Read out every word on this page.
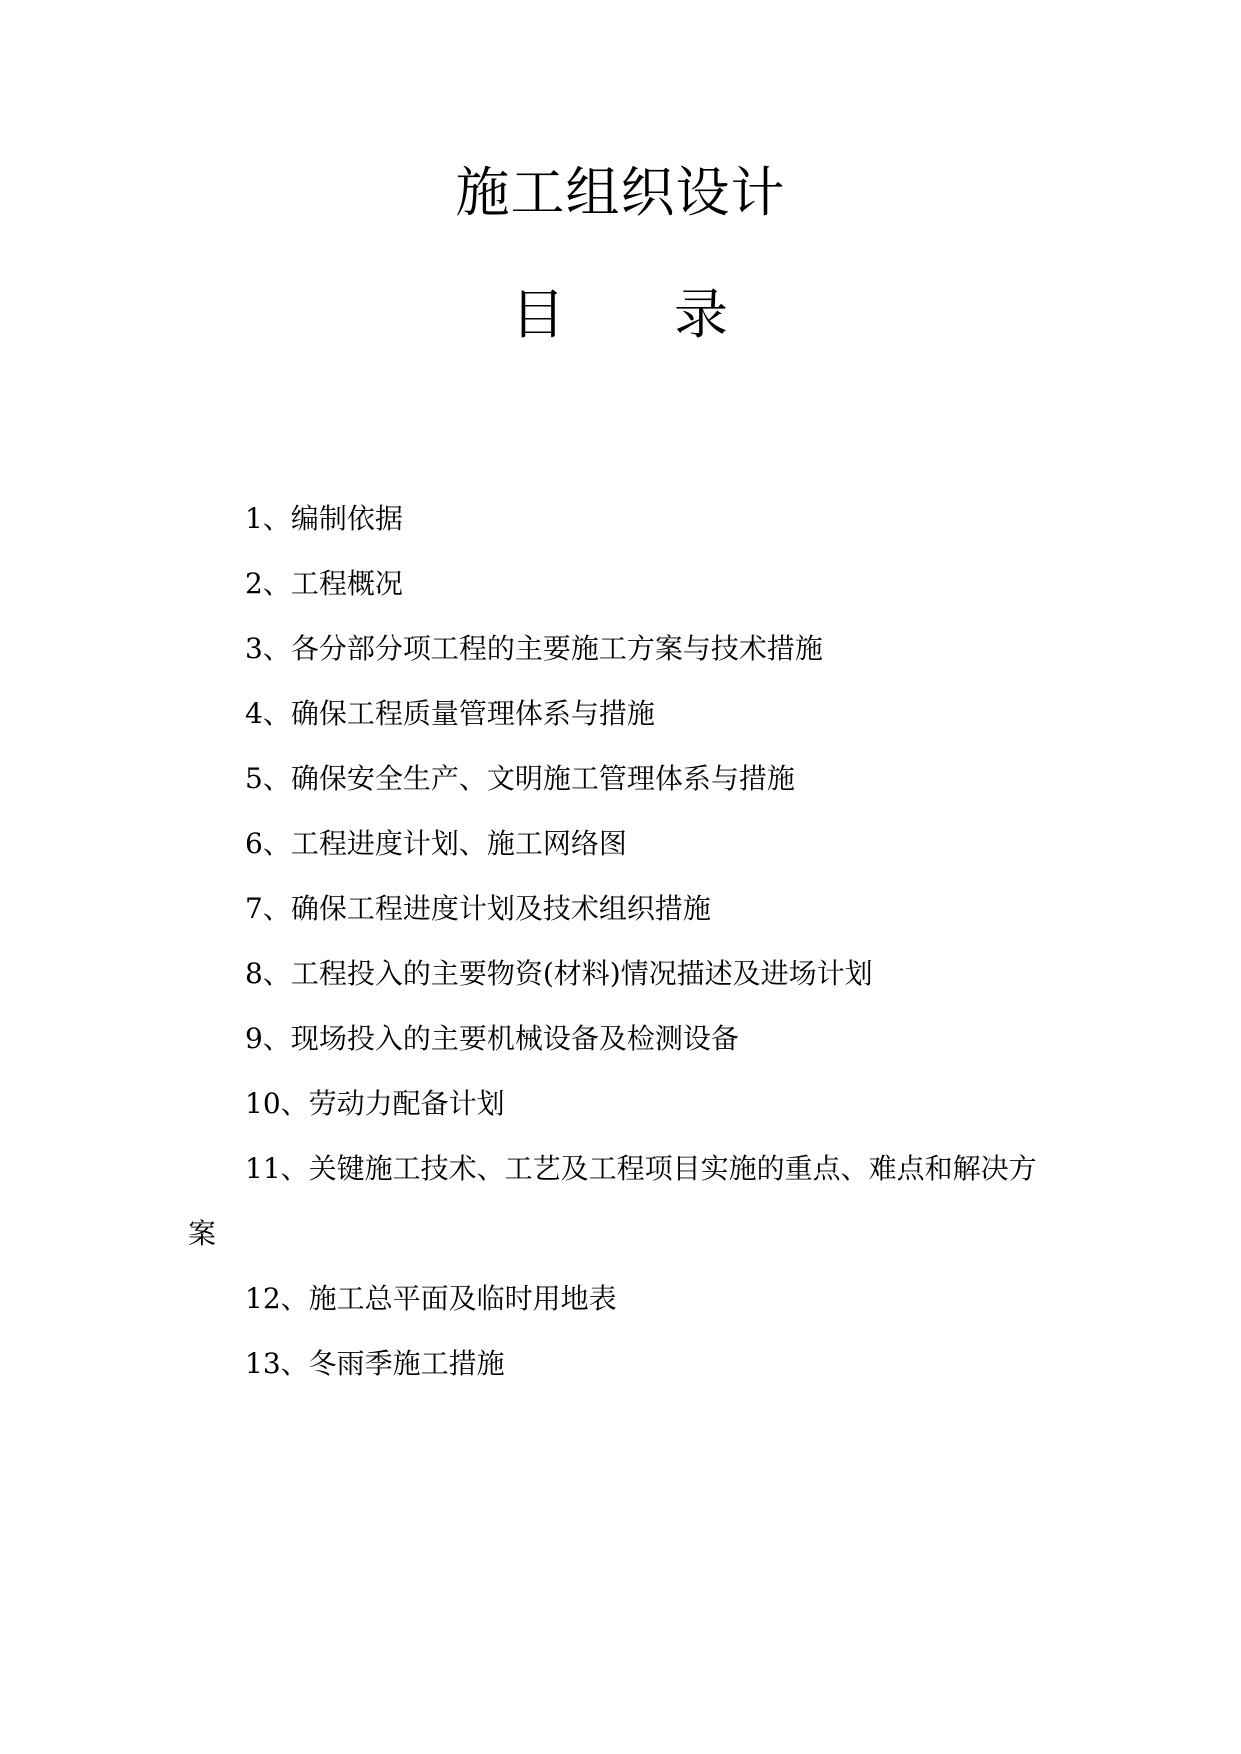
施工组织设计
目 录
1、编制依据
2、工程概况
3、各分部分项工程的主要施工方案与技术措施
4、确保工程质量管理体系与措施
5、确保安全生产、文明施工管理体系与措施
6、工程进度计划、施工网络图
7、确保工程进度计划及技术组织措施
8、工程投入的主要物资(材料)情况描述及进场计划
9、现场投入的主要机械设备及检测设备
10、劳动力配备计划
11、关键施工技术、工艺及工程项目实施的重点、难点和解决方案
12、施工总平面及临时用地表
13、冬雨季施工措施
